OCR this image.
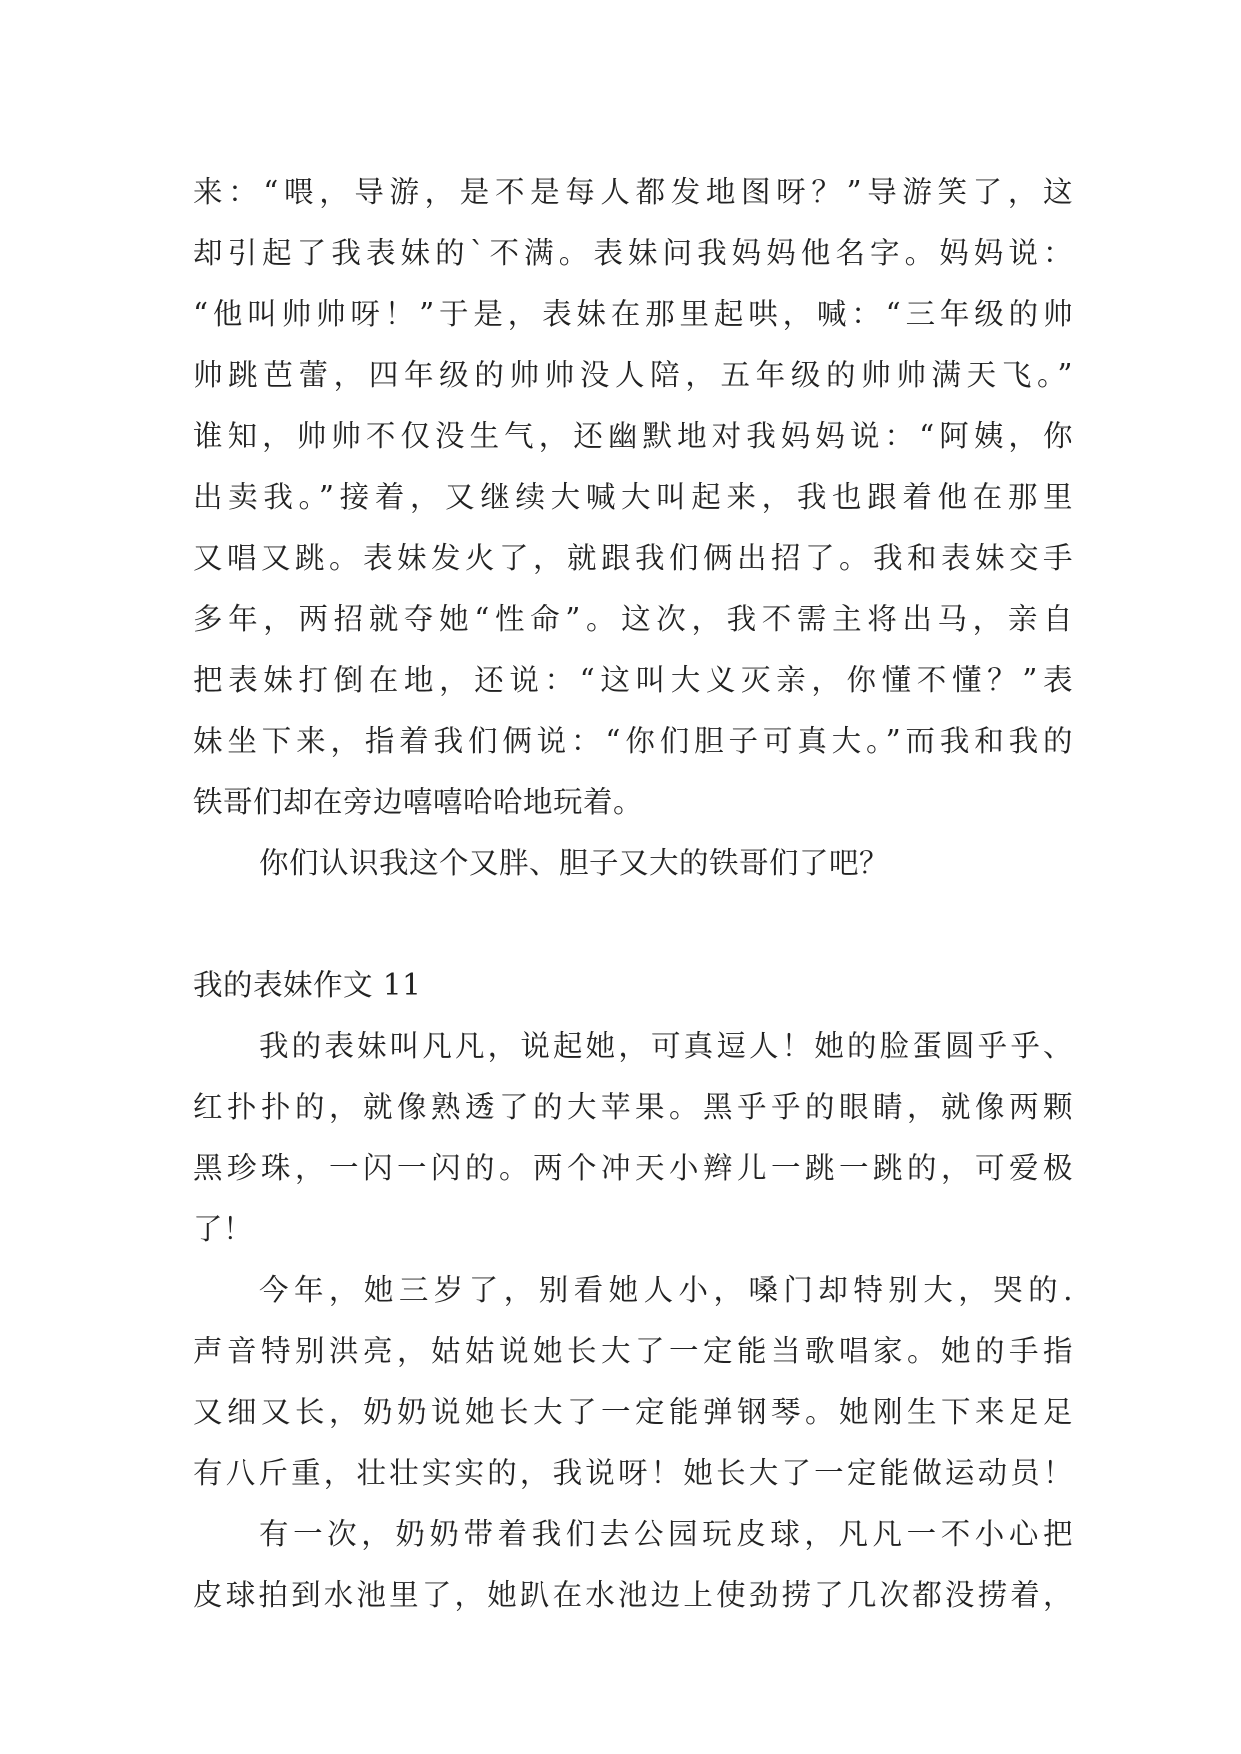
来：“喂，导游，是不是每人都发地图呀？”导游笑了，这
却引起了我表妹的`不满。表妹问我妈妈他名字。妈妈说：
“他叫帅帅呀！”于是，表妹在那里起哄，喊：“三年级的帅
帅跳芭蕾，四年级的帅帅没人陪，五年级的帅帅满天飞。”
谁知，帅帅不仅没生气，还幽默地对我妈妈说：“阿姨，你
出卖我。”接着，又继续大喊大叫起来，我也跟着他在那里
又唱又跳。表妹发火了，就跟我们俩出招了。我和表妹交手
多年，两招就夺她“性命”。这次，我不需主将出马，亲自
把表妹打倒在地，还说：“这叫大义灭亲，你懂不懂？”表
妹坐下来，指着我们俩说：“你们胆子可真大。”而我和我的
铁哥们却在旁边嘻嘻哈哈地玩着。
你们认识我这个又胖、胆子又大的铁哥们了吧？
我的表妹作文 11
我的表妹叫凡凡，说起她，可真逗人！她的脸蛋圆乎乎、
红扑扑的，就像熟透了的大苹果。黑乎乎的眼睛，就像两颗
黑珍珠，一闪一闪的。两个冲天小辫儿一跳一跳的，可爱极
了！
今年，她三岁了，别看她人小，嗓门却特别大，哭的.
声音特别洪亮，姑姑说她长大了一定能当歌唱家。她的手指
又细又长，奶奶说她长大了一定能弹钢琴。她刚生下来足足
有八斤重，壮壮实实的，我说呀！她长大了一定能做运动员！
有一次，奶奶带着我们去公园玩皮球，凡凡一不小心把
皮球拍到水池里了，她趴在水池边上使劲捞了几次都没捞着，
